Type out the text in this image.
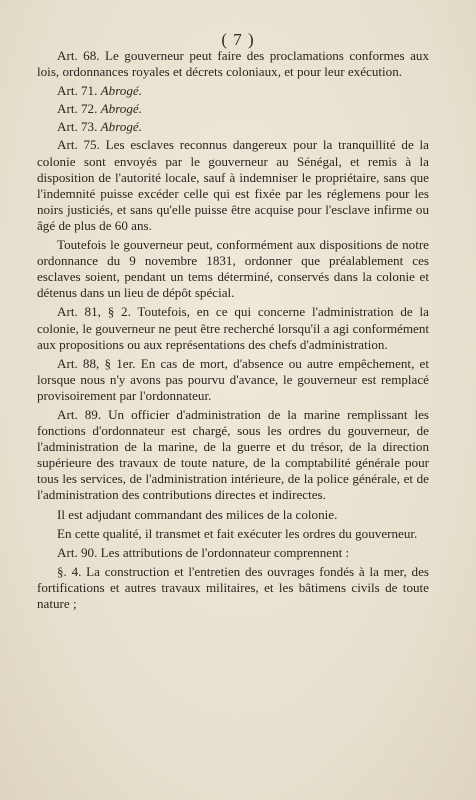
( 7 )

Art. 68. Le gouverneur peut faire des proclamations conformes aux lois, ordonnances royales et décrets coloniaux, et pour leur exécution.

Art. 71. Abrogé.

Art. 72. Abrogé.

Art. 73. Abrogé.

Art. 75. Les esclaves reconnus dangereux pour la tranquillité de la colonie sont envoyés par le gouverneur au Sénégal, et remis à la disposition de l'autorité locale, sauf à indemniser le propriétaire, sans que l'indemnité puisse excéder celle qui est fixée par les réglemens pour les noirs justiciés, et sans qu'elle puisse être acquise pour l'esclave infirme ou âgé de plus de 60 ans.

Toutefois le gouverneur peut, conformément aux dispositions de notre ordonnance du 9 novembre 1831, ordonner que préalablement ces esclaves soient, pendant un tems déterminé, conservés dans la colonie et détenus dans un lieu de dépôt spécial.

Art. 81, § 2. Toutefois, en ce qui concerne l'administration de la colonie, le gouverneur ne peut être recherché lorsqu'il a agi conformément aux propositions ou aux représentations des chefs d'administration.

Art. 88, § 1er. En cas de mort, d'absence ou autre empêchement, et lorsque nous n'y avons pas pourvu d'avance, le gouverneur est remplacé provisoirement par l'ordonnateur.

Art. 89. Un officier d'administration de la marine remplissant les fonctions d'ordonnateur est chargé, sous les ordres du gouverneur, de l'administration de la marine, de la guerre et du trésor, de la direction supérieure des travaux de toute nature, de la comptabilité générale pour tous les services, de l'administration intérieure, de la police générale, et de l'administration des contributions directes et indirectes.

Il est adjudant commandant des milices de la colonie.

En cette qualité, il transmet et fait exécuter les ordres du gouverneur.

Art. 90. Les attributions de l'ordonnateur comprennent :

§. 4. La construction et l'entretien des ouvrages fondés à la mer, des fortifications et autres travaux militaires, et les bâtimens civils de toute nature ;
